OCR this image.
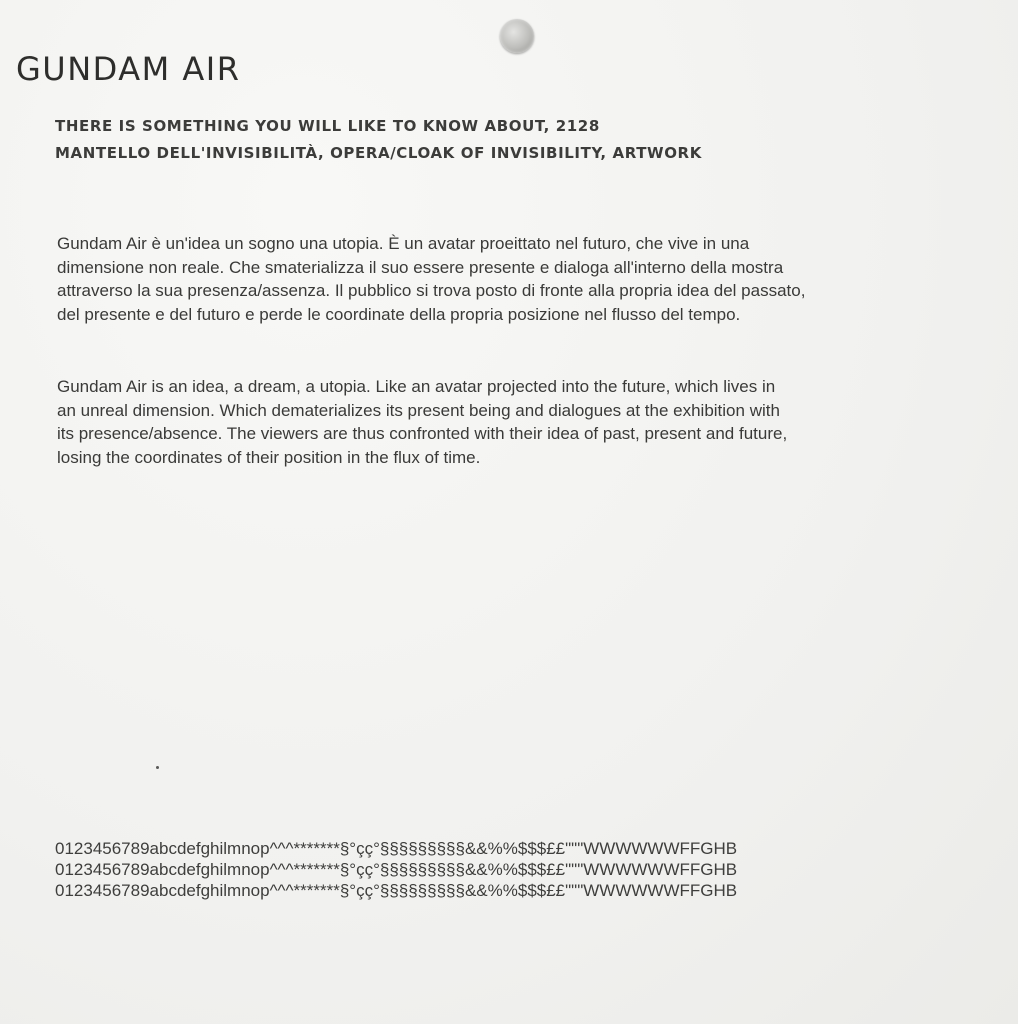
GUNDAM AIR

THERE IS SOMETHING YOU WILL LIKE TO KNOW ABOUT, 2128

MANTELLO DELL'INVISIBILITÀ, OPERA/CLOAK OF INVISIBILITY, ARTWORK

Gundam Air è un'idea un sogno una utopia. È un avatar proeittato nel futuro, che vive in una
dimensione non reale. Che smaterializza il suo essere presente e dialoga all'interno della mostra
attraverso la sua presenza/assenza. Il pubblico si trova posto di fronte alla propria idea del passato,
del presente e del futuro e perde le coordinate della propria posizione nel flusso del tempo.
Gundam Air is an idea, a dream, a utopia. Like an avatar projected into the future, which lives in
an unreal dimension. Which dematerializes its present being and dialogues at the exhibition with
its presence/absence. The viewers are thus confronted with their idea of past, present and future,
losing the coordinates of their position in the flux of time.
0123456789abcdefghilmnop^^^*******§°çç°§§§§§§§§§&&%%$$$££"""WWWWWWFFGHB
0123456789abcdefghilmnop^^^*******§°çç°§§§§§§§§§&&%%$$$££"""WWWWWWFFGHB
0123456789abcdefghilmnop^^^*******§°çç°§§§§§§§§§&&%%$$$££"""WWWWWWFFGHB
